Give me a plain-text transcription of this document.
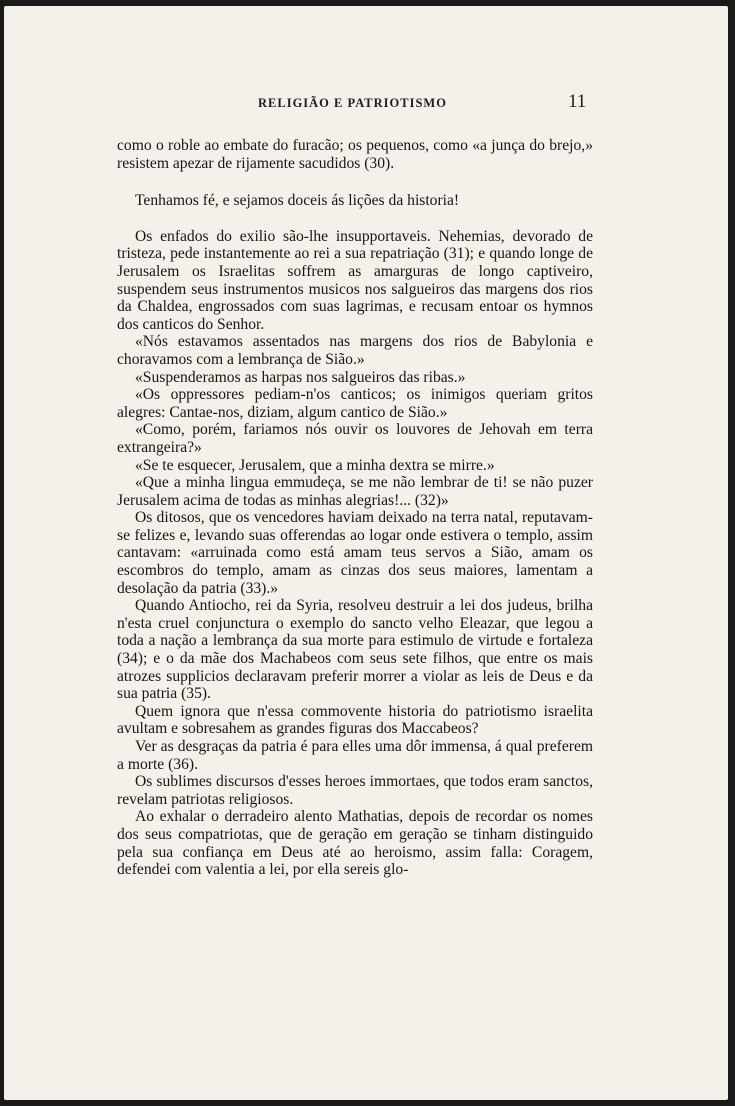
RELIGIÃO E PATRIOTISMO	11

como o roble ao embate do furacão; os pequenos, como «a junça do brejo,» resistem apezar de rijamente sacudidos (30).

Tenhamos fé, e sejamos doceis ás lições da historia!

Os enfados do exilio são-lhe insupportaveis. Nehemias, devorado de tristeza, pede instantemente ao rei a sua repatriação (31); e quando longe de Jerusalem os Israelitas soffrem as amarguras de longo captiveiro, suspendem seus instrumentos musicos nos salgueiros das margens dos rios da Chaldea, engrossados com suas lagrimas, e recusam entoar os hymnos dos canticos do Senhor.

«Nós estavamos assentados nas margens dos rios de Babylonia e choravamos com a lembrança de Sião.»

«Suspenderamos as harpas nos salgueiros das ribas.»

«Os oppressores pediam-n'os canticos; os inimigos queriam gritos alegres: Cantae-nos, diziam, algum cantico de Sião.»

«Como, porém, fariamos nós ouvir os louvores de Jehovah em terra extrangeira?»

«Se te esquecer, Jerusalem, que a minha dextra se mirre.»

«Que a minha lingua emmudeça, se me não lembrar de ti! se não puzer Jerusalem acima de todas as minhas alegrias!... (32)»

Os ditosos, que os vencedores haviam deixado na terra natal, reputavam-se felizes e, levando suas offerendas ao logar onde estivera o templo, assim cantavam: «arruinada como está amam teus servos a Sião, amam os escombros do templo, amam as cinzas dos seus maiores, lamentam a desolação da patria (33).»

Quando Antiocho, rei da Syria, resolveu destruir a lei dos judeus, brilha n'esta cruel conjunctura o exemplo do sancto velho Eleazar, que legou a toda a nação a lembrança da sua morte para estimulo de virtude e fortaleza (34); e o da mãe dos Machabeos com seus sete filhos, que entre os mais atrozes supplicios declaravam preferir morrer a violar as leis de Deus e da sua patria (35).

Quem ignora que n'essa commovente historia do patriotismo israelita avultam e sobresahem as grandes figuras dos Maccabeos?

Ver as desgraças da patria é para elles uma dôr immensa, á qual preferem a morte (36).

Os sublimes discursos d'esses heroes immortaes, que todos eram sanctos, revelam patriotas religiosos.

Ao exhalar o derradeiro alento Mathatias, depois de recordar os nomes dos seus compatriotas, que de geração em geração se tinham distinguido pela sua confiança em Deus até ao heroismo, assim falla: Coragem, defendei com valentia a lei, por ella sereis glo-
